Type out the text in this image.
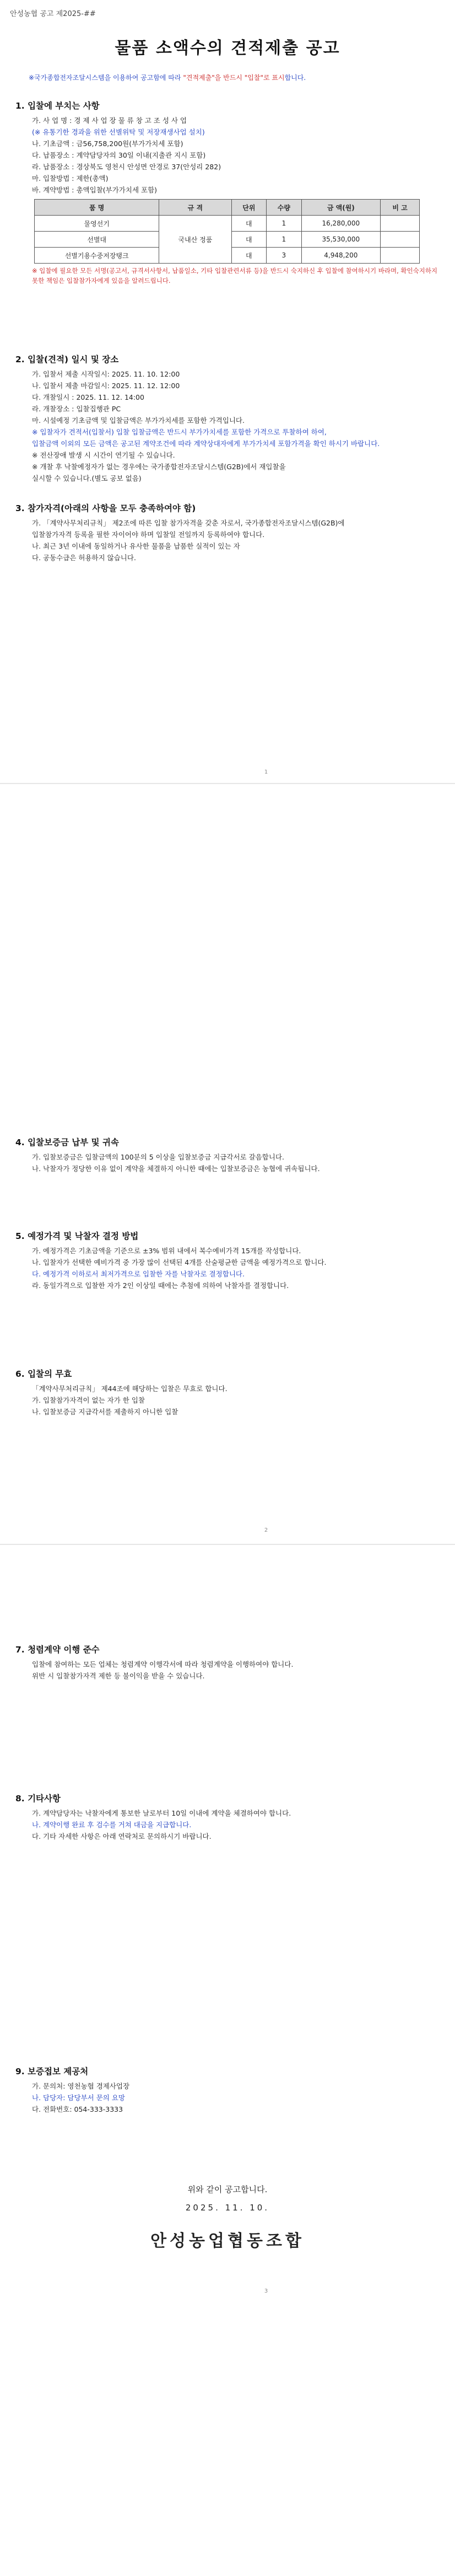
안성농협 공고 제2025-##
물품 소액수의 견적제출 공고
※국가종합전자조달시스템을 이용하여 공고함에 따라 "견적제출"을 반드시 "입찰"로 표시합니다.
1. 입찰에 부치는 사항
가. 사 업 명 : 경 제 사 업 장 물 류 창 고 조 성 사 업
(※ 유통기한 경과을 위한 선별위탁 및 저장재생사업 설치)
나. 기초금액 : 금56,758,200원(부가가치세 포함)
다. 납품장소 : 계약담당자의 30일 이내(지출관 지시 포함)
라. 납품장소 : 경상북도 영천시 안성면 안경로 37(안성리 282)
마. 입찰방법 : 제한(총액)
바. 계약방법 : 총액입찰(부가가치세 포함)
품 명	규 격	단위	수량	금 액(원)	비 고
물영선기	국내산 정품	대	1	16,280,000	
선별대		대	1	35,530,000	
선별기용수중저장탱크		대	3	4,948,200	
※ 입찰에 필요한 모든 서명(공고서, 규격서사항서, 납품일소, 기타 입찰관련서류 등)을 반드시 숙지하신 후 입찰에 참여하시기 바라며, 확인숙지하지 못한 책임은 입찰참가자에게 있음을 알려드립니다.
2. 입찰(견적) 일시 및 장소
가. 입찰서 제출 시작일시: 2025. 11. 10. 12:00
나. 입찰서 제출 마감일시: 2025. 11. 12. 12:00
다. 개찰일시 : 2025. 11. 12. 14:00
라. 개찰장소 : 입찰집행관 PC
마. 시설예정 기초금액 및 입찰금액은 부가가치세를 포함한 가격입니다.
※ 입찰자가 견적서(입찰서) 입찰 입찰금액은 반드시 부가가치세를 포함한 가격으로 투찰하여 하여,
입찰금액 이외의 모든 금액은 공고된 계약조건에 따라 계약상대자에게 부가가치세 포함가격을 확인 하시기 바랍니다.
※ 전산장애 발생 시 시간이 연기될 수 있습니다.
※ 개찰 후 낙찰예정자가 없는 경우에는 국가종합전자조달시스템(G2B)에서 재입찰을
실시할 수 있습니다.(별도 공보 없음)
3. 참가자격(아래의 사항을 모두 충족하여야 함)
가. 「계약사무처리규칙」 제2조에 따른 입찰 참가자격을 갖춘 자로서, 국가종합전자조달시스템(G2B)에
입찰참가자격 등록을 필한 자이어야 하며 입찰일 전일까지 등록하여야 합니다.
나. 최근 3년 이내에 동일하거나 유사한 물품을 납품한 실적이 있는 자
다. 공동수급은 허용하지 않습니다.
1
4. 입찰보증금 납부 및 귀속
가. 입찰보증금은 입찰금액의 100분의 5 이상을 입찰보증금 지급각서로 갈음합니다.
나. 낙찰자가 정당한 이유 없이 계약을 체결하지 아니한 때에는 입찰보증금은 농협에 귀속됩니다.
5. 예정가격 및 낙찰자 결정 방법
가. 예정가격은 기초금액을 기준으로 ±3% 범위 내에서 복수예비가격 15개를 작성합니다.
나. 입찰자가 선택한 예비가격 중 가장 많이 선택된 4개를 산술평균한 금액을 예정가격으로 합니다.
다. 예정가격 이하로서 최저가격으로 입찰한 자를 낙찰자로 결정합니다.
라. 동일가격으로 입찰한 자가 2인 이상일 때에는 추첨에 의하여 낙찰자를 결정합니다.
6. 입찰의 무효
「계약사무처리규칙」 제44조에 해당하는 입찰은 무효로 합니다.
가. 입찰참가자격이 없는 자가 한 입찰
나. 입찰보증금 지급각서를 제출하지 아니한 입찰
2
7. 청렴계약 이행 준수
입찰에 참여하는 모든 업체는 청렴계약 이행각서에 따라 청렴계약을 이행하여야 합니다.
위반 시 입찰참가자격 제한 등 불이익을 받을 수 있습니다.
8. 기타사항
가. 계약담당자는 낙찰자에게 통보한 날로부터 10일 이내에 계약을 체결하여야 합니다.
나. 계약이행 완료 후 검수를 거쳐 대금을 지급합니다.
다. 기타 자세한 사항은 아래 연락처로 문의하시기 바랍니다.
9. 보증접보 제공처
가. 문의처: 영천농협 경제사업장
나. 담당자: 담당부서 문의 요망
다. 전화번호: 054-333-3333
위와 같이 공고합니다.
2025. 11. 10.
안성농업협동조합
3
